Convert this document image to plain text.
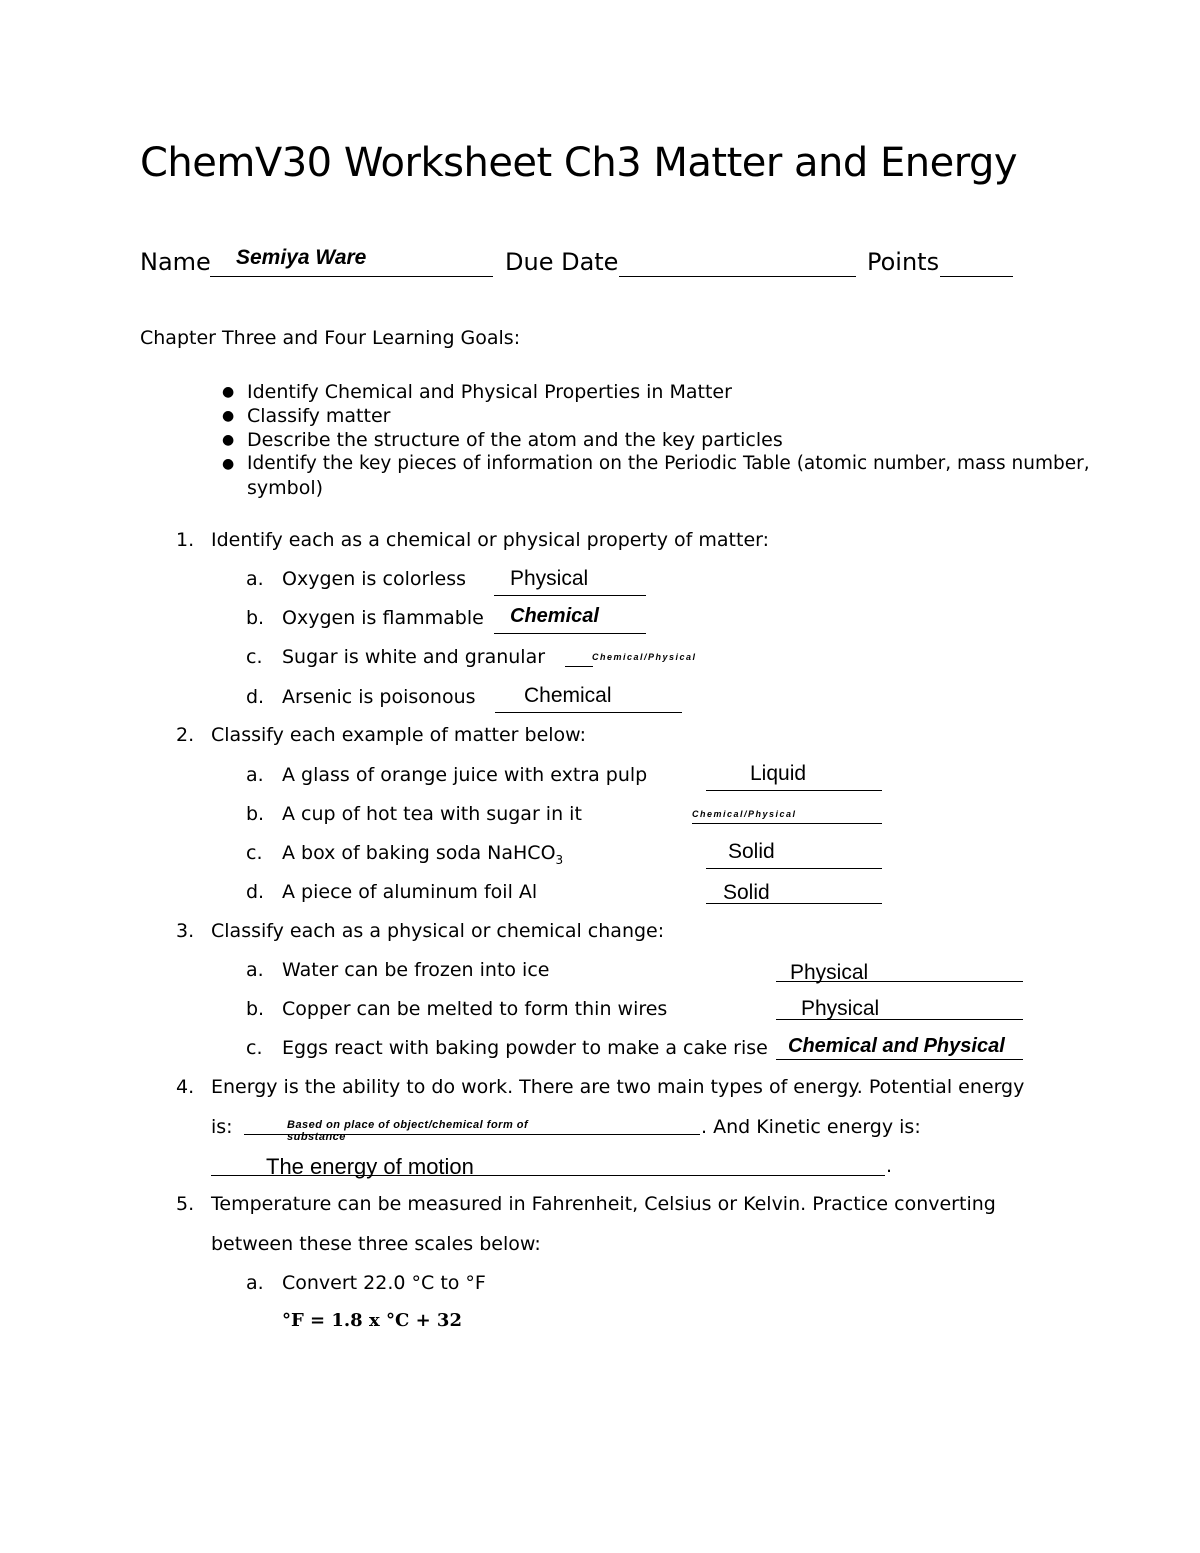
ChemV30 Worksheet Ch3 Matter and Energy
Name Semiya Ware	Due Date	Points
Chapter Three and Four Learning Goals:
● Identify Chemical and Physical Properties in Matter
● Classify matter
● Describe the structure of the atom and the key particles
● Identify the key pieces of information on the Periodic Table (atomic number, mass number,
symbol)
1. Identify each as a chemical or physical property of matter:
a. Oxygen is colorless Physical
b. Oxygen is flammable Chemical
c. Sugar is white and granular	Chemical/Physical
d. Arsenic is poisonous Chemical
2. Classify each example of matter below:
a. A glass of orange juice with extra pulp	Liquid
b. A cup of hot tea with sugar in it	Chemical/Physical
c. A box of baking soda NaHCO$_3$	Solid
d. A piece of aluminum foil Al	Solid
3. Classify each as a physical or chemical change:
a. Water can be frozen into ice	Physical
b. Copper can be melted to form thin wires	Physical
c. Eggs react with baking powder to make a cake rise Chemical and Physical
4. Energy is the ability to do work. There are two main types of energy. Potential energy
is:	Based on place of object/chemical form of
substance	. And Kinetic energy is:
The energy of motion	.
5. Temperature can be measured in Fahrenheit, Celsius or Kelvin. Practice converting
between these three scales below:
a. Convert 22.0 °C to °F
°F = 1.8 x °C + 32
